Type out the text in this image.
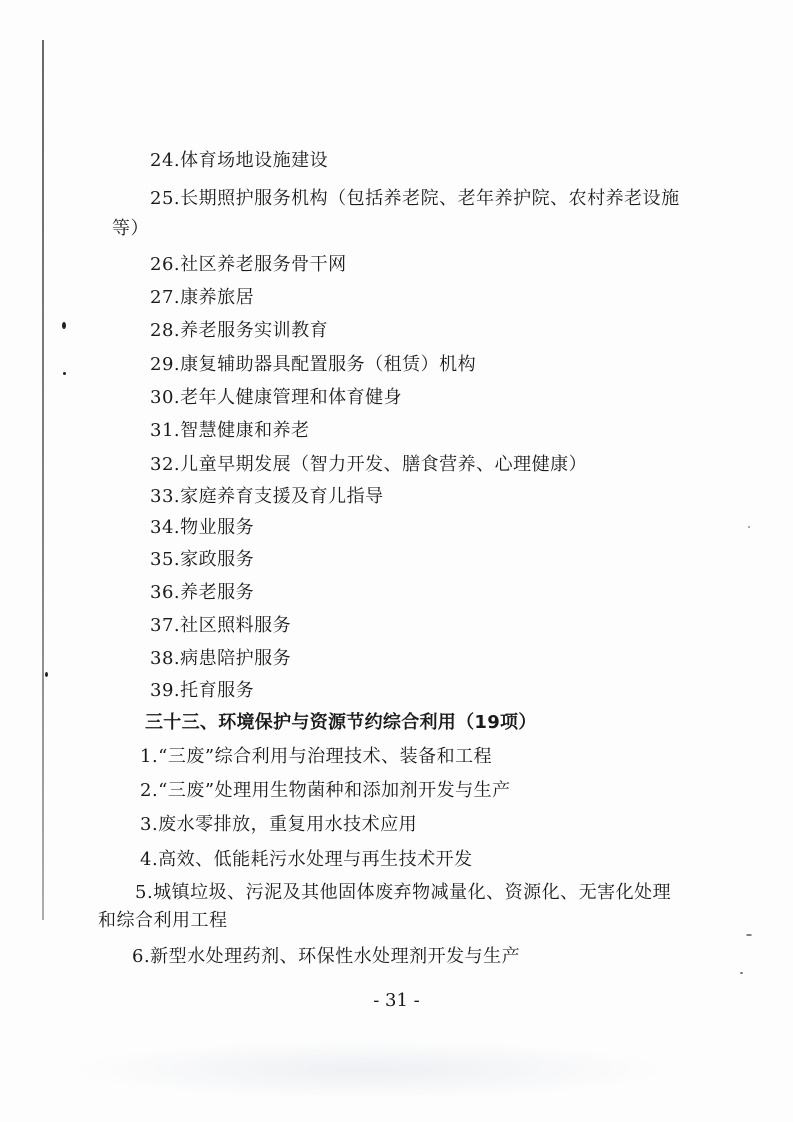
24.体育场地设施建设
25.长期照护服务机构（包括养老院、老年养护院、农村养老设施
等）
26.社区养老服务骨干网
27.康养旅居
28.养老服务实训教育
29.康复辅助器具配置服务（租赁）机构
30.老年人健康管理和体育健身
31.智慧健康和养老
32.儿童早期发展（智力开发、膳食营养、心理健康）
33.家庭养育支援及育儿指导
34.物业服务
35.家政服务
36.养老服务
37.社区照料服务
38.病患陪护服务
39.托育服务
三十三、环境保护与资源节约综合利用（19项）
1.“三废”综合利用与治理技术、装备和工程
2.“三废”处理用生物菌种和添加剂开发与生产
3.废水零排放，重复用水技术应用
4.高效、低能耗污水处理与再生技术开发
5.城镇垃圾、污泥及其他固体废弃物减量化、资源化、无害化处理
和综合利用工程
6.新型水处理药剂、环保性水处理剂开发与生产
- 31 -
